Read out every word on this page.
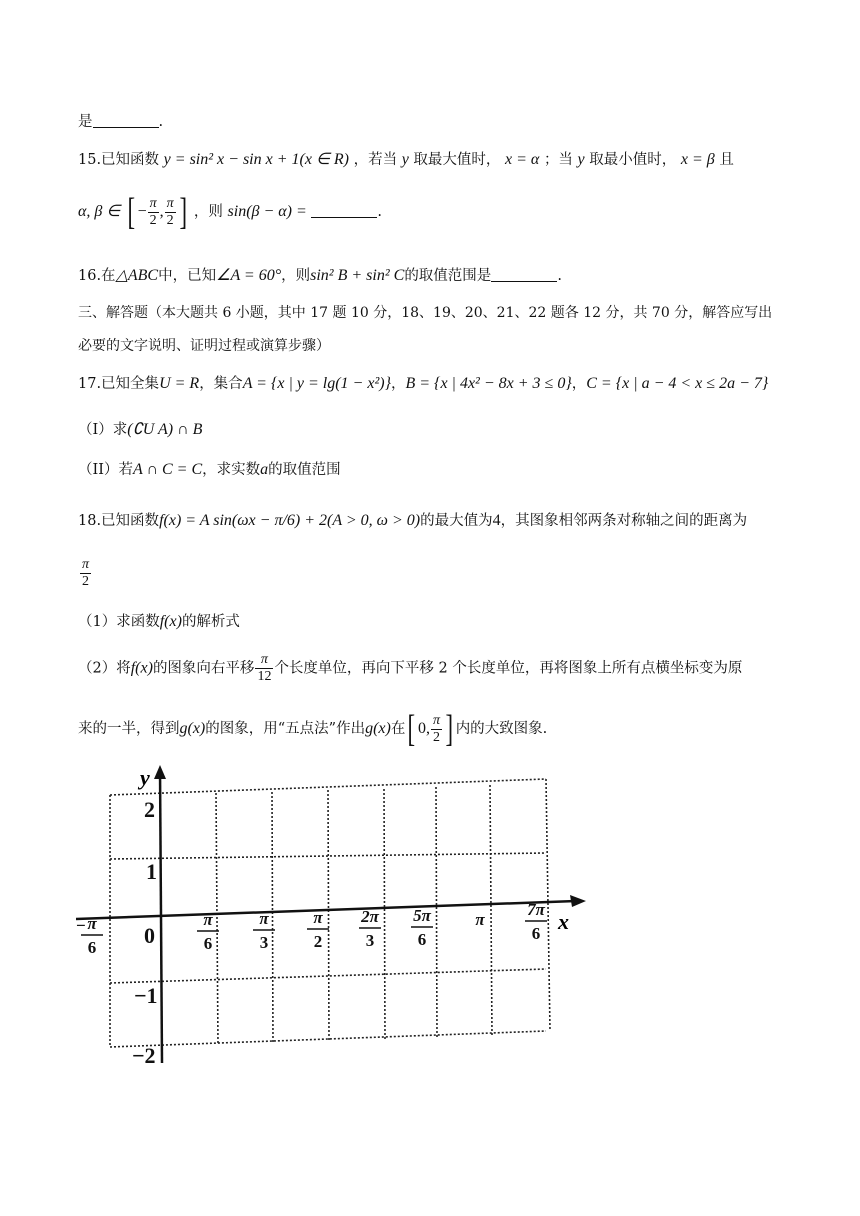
是	.
15.已知函数 y = sin² x − sin x + 1(x ∈ R) ，若当 y 取最大值时， x = α ；当 y 取最小值时， x = β 且
α, β ∈ [ − $\frac{\pi}{2}$ , $\frac{\pi}{2}$ ] ，则 sin(β − α) =	.
16.在△ABC中，已知∠A = 60°，则sin² B + sin² C的取值范围是	.
三、解答题（本大题共 6 小题，其中 17 题 10 分，18、19、20、21、22 题各 12 分，共 70 分，解答应写出
必要的文字说明、证明过程或演算步骤）
17.已知全集U = R，集合A = {x | y = lg(1 − x²)}，B = {x | 4x² − 8x + 3 ≤ 0}，C = {x | a − 4 < x ≤ 2a − 7}
（I）求(∁U A) ∩ B
（II）若A ∩ C = C，求实数a的取值范围
18.已知函数f(x) = A sin(ωx − π/6) + 2(A > 0, ω > 0)的最大值为4，其图象相邻两条对称轴之间的距离为
$\frac{\pi}{2}$
（1）求函数f(x)的解析式
（2）将f(x)的图象向右平移 $\frac{\pi}{12}$ 个长度单位，再向下平移 2 个长度单位，再将图象上所有点横坐标变为原
来的一半，得到g(x)的图象，用“五点法”作出g(x)在[ 0, $\frac{\pi}{2}$ ] 内的大致图象.
y
x
2
1
0
−1
−2
− π
6
π
6
π
3
π
2
2π
3
5π
6
π
7π
6
